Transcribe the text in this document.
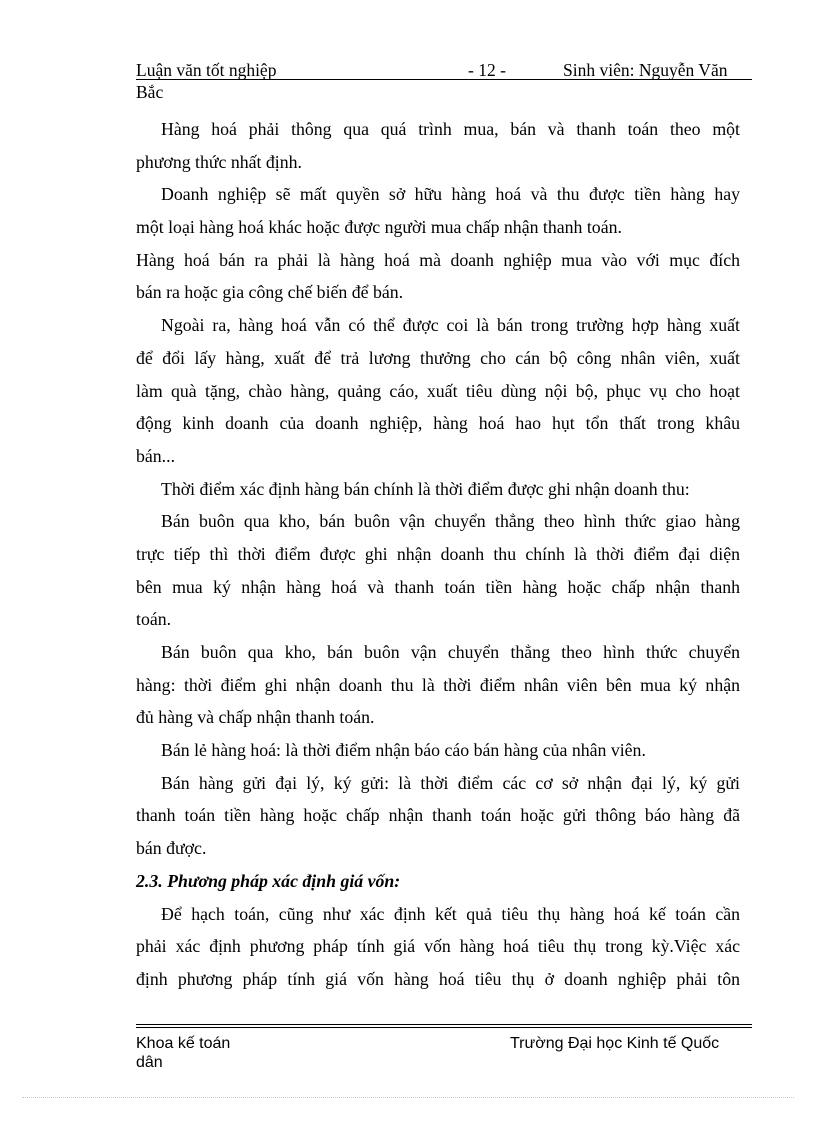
Luận văn tốt nghiệp	- 12 -	Sinh viên: Nguyễn Văn
Bắc
Hàng hoá phải thông qua quá trình mua, bán và thanh toán theo một
phương thức nhất định.
Doanh nghiệp sẽ mất quyền sở hữu hàng hoá và thu được tiền hàng hay
một loại hàng hoá khác hoặc được người mua chấp nhận thanh toán.
Hàng hoá bán ra phải là hàng hoá mà doanh nghiệp mua vào với mục đích
bán ra hoặc gia công chế biến để bán.
Ngoài ra, hàng hoá vẫn có thể được coi là bán trong trường hợp hàng xuất
để đổi lấy hàng, xuất để trả lương thưởng cho cán bộ công nhân viên, xuất
làm quà tặng, chào hàng, quảng cáo, xuất tiêu dùng nội bộ, phục vụ cho hoạt
động kinh doanh của doanh nghiệp, hàng hoá hao hụt tổn thất trong khâu
bán...
Thời điểm xác định hàng bán chính là thời điểm được ghi nhận doanh thu:
Bán buôn qua kho, bán buôn vận chuyển thẳng theo hình thức giao hàng
trực tiếp thì thời điểm được ghi nhận doanh thu chính là thời điểm đại diện
bên mua ký nhận hàng hoá và thanh toán tiền hàng hoặc chấp nhận thanh
toán.
Bán buôn qua kho, bán buôn vận chuyển thẳng theo hình thức chuyển
hàng: thời điểm ghi nhận doanh thu là thời điểm nhân viên bên mua ký nhận
đủ hàng và chấp nhận thanh toán.
Bán lẻ hàng hoá: là thời điểm nhận báo cáo bán hàng của nhân viên.
Bán hàng gửi đại lý, ký gửi: là thời điểm các cơ sở nhận đại lý, ký gửi
thanh toán tiền hàng hoặc chấp nhận thanh toán hoặc gửi thông báo hàng đã
bán được.
2.3. Phương pháp xác định giá vốn:
Để hạch toán, cũng như xác định kết quả tiêu thụ hàng hoá kế toán cần
phải xác định phương pháp tính giá vốn hàng hoá tiêu thụ trong kỳ.Việc xác
định phương pháp tính giá vốn hàng hoá tiêu thụ ở doanh nghiệp phải tôn
Khoa kế toán	Trường Đại học Kinh tế Quốc
dân
